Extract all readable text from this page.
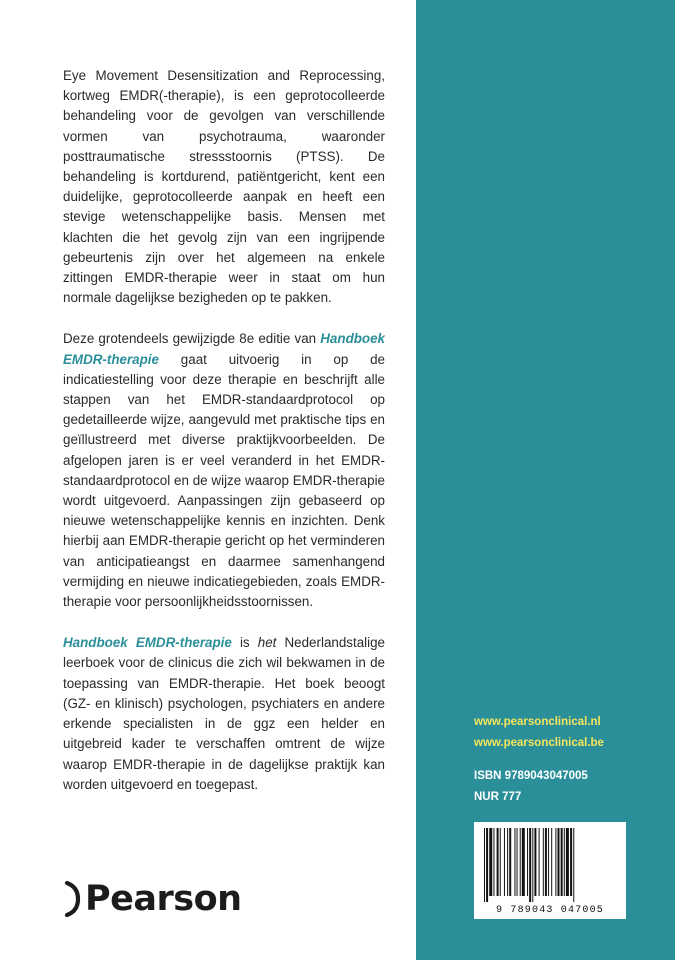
Eye Movement Desensitization and Reprocessing, kortweg EMDR(-therapie), is een geprotocolleerde behandeling voor de gevolgen van verschillende vormen van psychotrauma, waaronder posttraumatische stressstoornis (PTSS). De behandeling is kortdurend, patiëntgericht, kent een duidelijke, geprotocolleerde aanpak en heeft een stevige wetenschappelijke basis. Mensen met klachten die het gevolg zijn van een ingrijpende gebeurtenis zijn over het algemeen na enkele zittingen EMDR-therapie weer in staat om hun normale dagelijkse bezigheden op te pakken.

Deze grotendeels gewijzigde 8e editie van Handboek EMDR-therapie gaat uitvoerig in op de indicatiestelling voor deze therapie en beschrijft alle stappen van het EMDR-standaardprotocol op gedetailleerde wijze, aangevuld met praktische tips en geïllustreerd met diverse praktijkvoorbeelden. De afgelopen jaren is er veel veranderd in het EMDR-standaardprotocol en de wijze waarop EMDR-therapie wordt uitgevoerd. Aanpassingen zijn gebaseerd op nieuwe wetenschappelijke kennis en inzichten. Denk hierbij aan EMDR-therapie gericht op het verminderen van anticipatieangst en daarmee samenhangend vermijding en nieuwe indicatiegebieden, zoals EMDR-therapie voor persoonlijkheidsstoornissen.

Handboek EMDR-therapie is het Nederlandstalige leerboek voor de clinicus die zich wil bekwamen in de toepassing van EMDR-therapie. Het boek beoogt (GZ- en klinisch) psychologen, psychiaters en andere erkende specialisten in de ggz een helder en uitgebreid kader te verschaffen omtrent de wijze waarop EMDR-therapie in de dagelijkse praktijk kan worden uitgevoerd en toegepast.

Pearson
www.pearsonclinical.nl
www.pearsonclinical.be
ISBN 9789043047005
NUR 777
9 789043 047005
